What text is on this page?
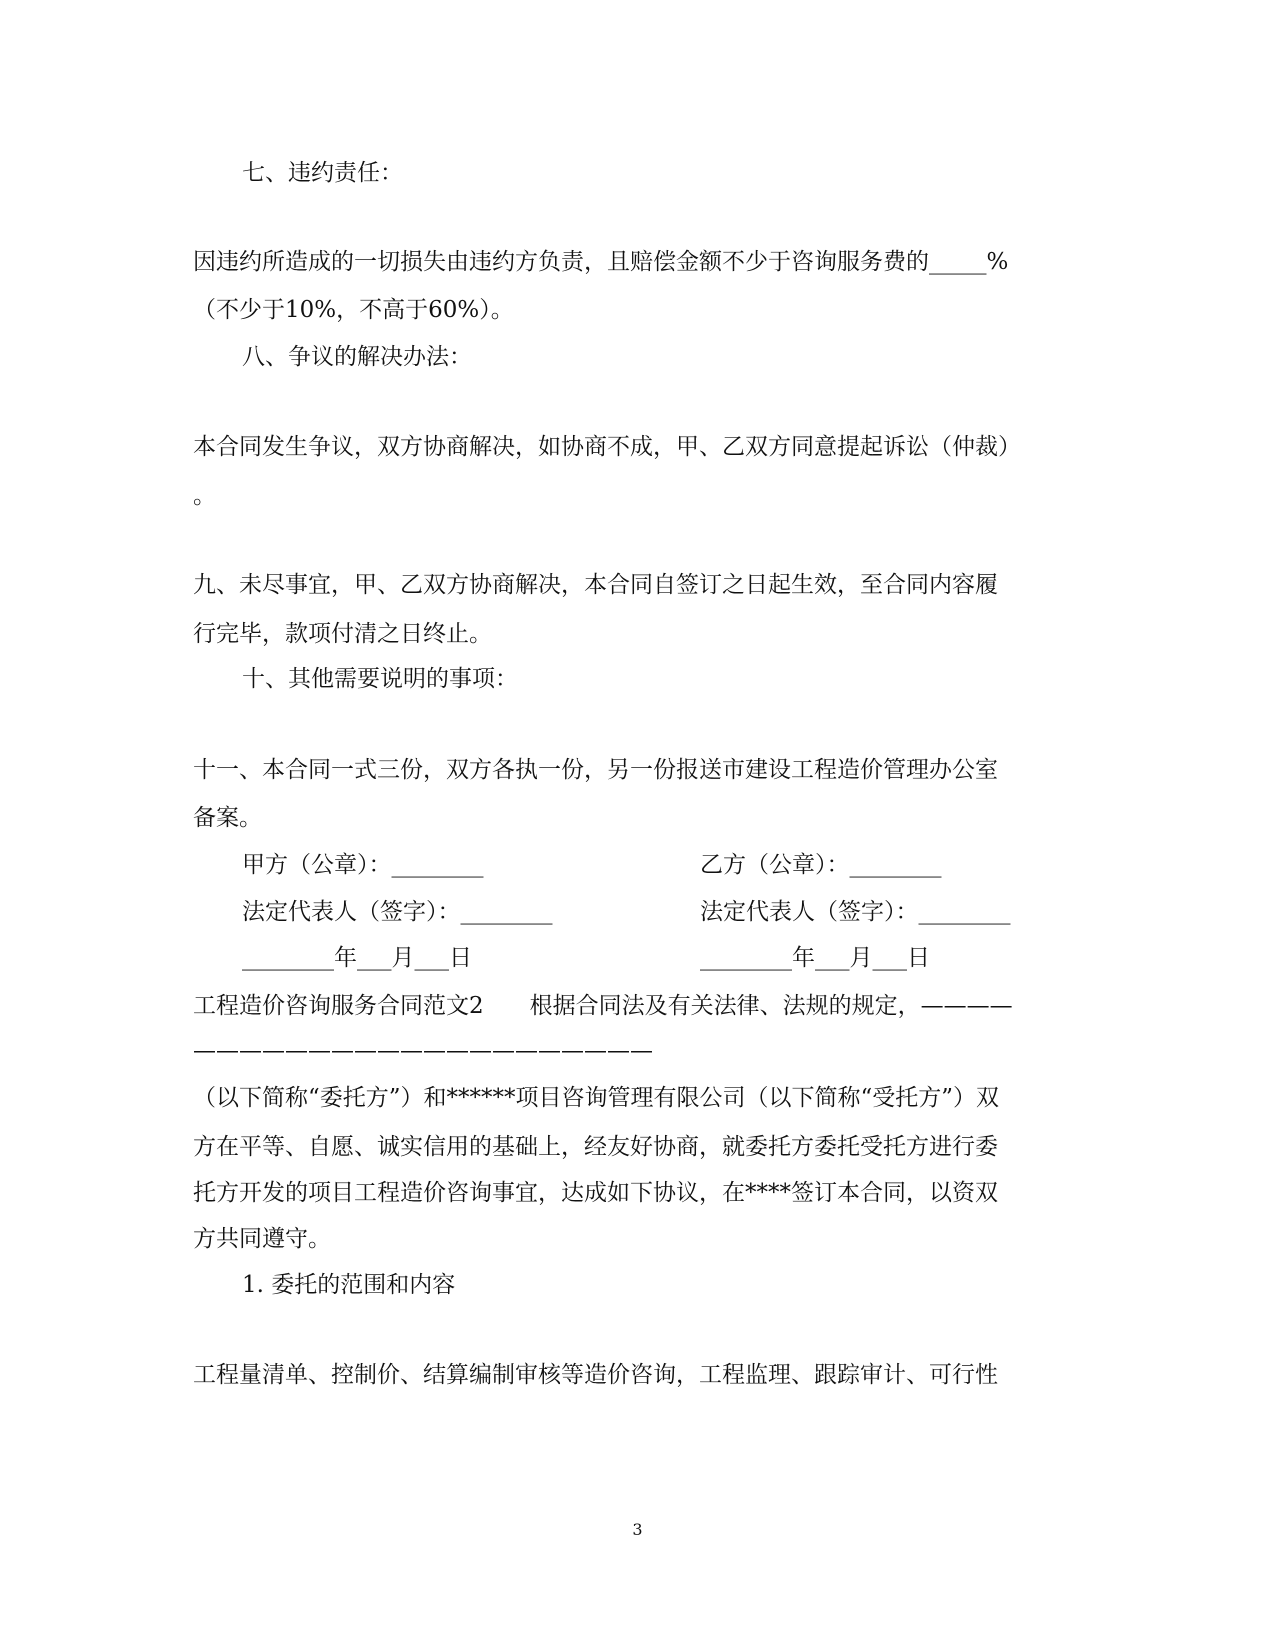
七、违约责任：
因违约所造成的一切损失由违约方负责，且赔偿金额不少于咨询服务费的_____%
（不少于10%，不高于60%）。
八、争议的解决办法：
本合同发生争议，双方协商解决，如协商不成，甲、乙双方同意提起诉讼（仲裁）
。
九、未尽事宜，甲、乙双方协商解决，本合同自签订之日起生效，至合同内容履
行完毕，款项付清之日终止。
十、其他需要说明的事项：
十一、本合同一式三份，双方各执一份，另一份报送市建设工程造价管理办公室
备案。
甲方（公章）：________	乙方（公章）：________
法定代表人（签字）：________	法定代表人（签字）：________
________年___月___日	________年___月___日
工程造价咨询服务合同范文2　　根据合同法及有关法律、法规的规定，————
————————————————————
（以下简称“委托方”）和******项目咨询管理有限公司（以下简称“受托方”）双
方在平等、自愿、诚实信用的基础上，经友好协商，就委托方委托受托方进行委
托方开发的项目工程造价咨询事宜，达成如下协议，在****签订本合同，以资双
方共同遵守。
1. 委托的范围和内容
工程量清单、控制价、结算编制审核等造价咨询，工程监理、跟踪审计、可行性
3
